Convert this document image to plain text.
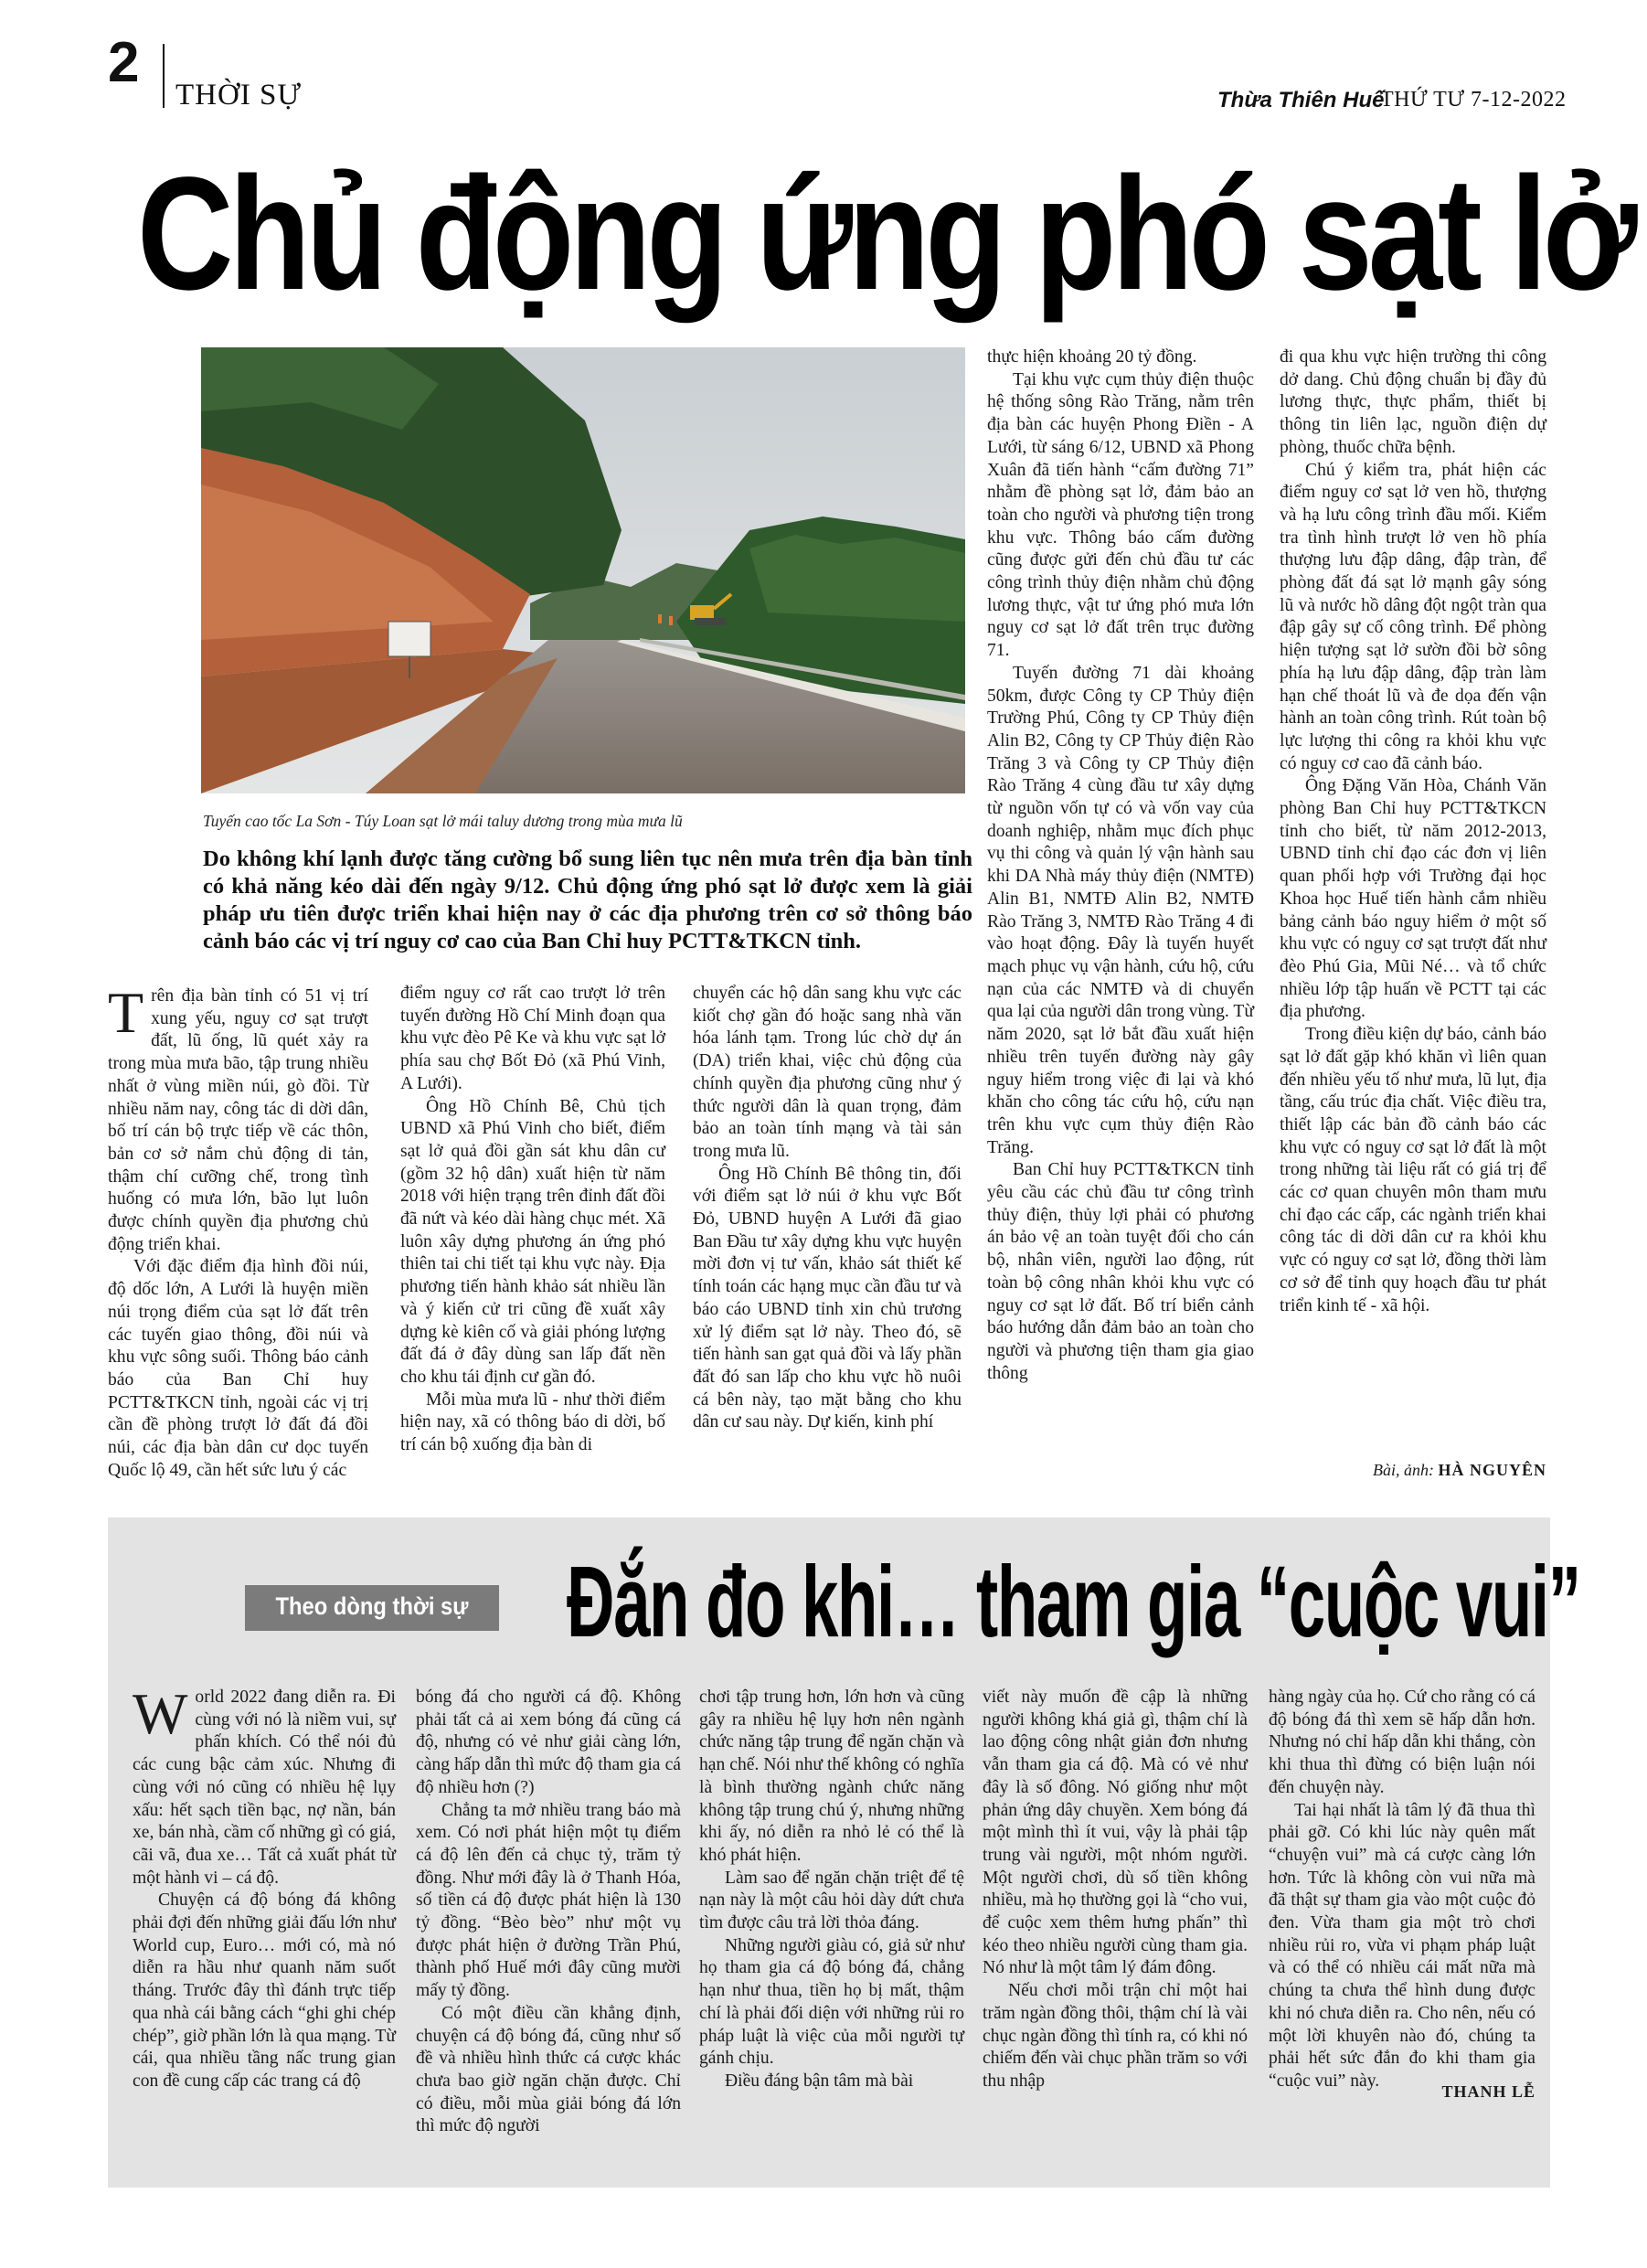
2
THỜI SỰ	Thừa Thiên Huế
THỨ TƯ 7-12-2022
Chủ động ứng phó sạt lở
Tuyến cao tốc La Sơn - Túy Loan sạt lở mái taluy dương trong mùa mưa lũ

Do không khí lạnh được tăng cường bổ sung liên tục nên mưa trên địa bàn tỉnh có khả năng kéo dài đến ngày 9/12. Chủ động ứng phó sạt lở được xem là giải pháp ưu tiên được triển khai hiện nay ở các địa phương trên cơ sở thông báo cảnh báo các vị trí nguy cơ cao của Ban Chỉ huy PCTT&TKCN tỉnh.

Trên địa bàn tỉnh có 51 vị trí xung yếu, nguy cơ sạt trượt đất, lũ ống, lũ quét xảy ra trong mùa mưa bão, tập trung nhiều nhất ở vùng miền núi, gò đồi. Từ nhiều năm nay, công tác di dời dân, bố trí cán bộ trực tiếp về các thôn, bản cơ sở nắm chủ động di tản, thậm chí cưỡng chế, trong tình huống có mưa lớn, bão lụt luôn được chính quyền địa phương chủ động triển khai.

Với đặc điểm địa hình đồi núi, độ dốc lớn, A Lưới là huyện miền núi trọng điểm của sạt lở đất trên các tuyến giao thông, đồi núi và khu vực sông suối. Thông báo cảnh báo của Ban Chỉ huy PCTT&TKCN tỉnh, ngoài các vị trị cần đề phòng trượt lở đất đá đồi núi, các địa bàn dân cư dọc tuyến Quốc lộ 49, cần hết sức lưu ý các

điểm nguy cơ rất cao trượt lở trên tuyến đường Hồ Chí Minh đoạn qua khu vực đèo Pê Ke và khu vực sạt lở phía sau chợ Bốt Đỏ (xã Phú Vinh, A Lưới).

Ông Hồ Chính Bê, Chủ tịch UBND xã Phú Vinh cho biết, điểm sạt lở quả đồi gần sát khu dân cư (gồm 32 hộ dân) xuất hiện từ năm 2018 với hiện trạng trên đỉnh đất đồi đã nứt và kéo dài hàng chục mét. Xã luôn xây dựng phương án ứng phó thiên tai chi tiết tại khu vực này. Địa phương tiến hành khảo sát nhiều lần và ý kiến cử tri cũng đề xuất xây dựng kè kiên cố và giải phóng lượng đất đá ở đây dùng san lấp đất nền cho khu tái định cư gần đó.

Mỗi mùa mưa lũ - như thời điểm hiện nay, xã có thông báo di dời, bố trí cán bộ xuống địa bàn di

chuyển các hộ dân sang khu vực các kiốt chợ gần đó hoặc sang nhà văn hóa lánh tạm. Trong lúc chờ dự án (DA) triển khai, việc chủ động của chính quyền địa phương cũng như ý thức người dân là quan trọng, đảm bảo an toàn tính mạng và tài sản trong mưa lũ.

Ông Hồ Chính Bê thông tin, đối với điểm sạt lở núi ở khu vực Bốt Đỏ, UBND huyện A Lưới đã giao Ban Đầu tư xây dựng khu vực huyện mời đơn vị tư vấn, khảo sát thiết kế tính toán các hạng mục cần đầu tư và báo cáo UBND tỉnh xin chủ trương xử lý điểm sạt lở này. Theo đó, sẽ tiến hành san gạt quả đồi và lấy phần đất đó san lấp cho khu vực hồ nuôi cá bên này, tạo mặt bằng cho khu dân cư sau này. Dự kiến, kinh phí

thực hiện khoảng 20 tỷ đồng.

Tại khu vực cụm thủy điện thuộc hệ thống sông Rào Trăng, nằm trên địa bàn các huyện Phong Điền - A Lưới, từ sáng 6/12, UBND xã Phong Xuân đã tiến hành “cấm đường 71” nhằm đề phòng sạt lở, đảm bảo an toàn cho người và phương tiện trong khu vực. Thông báo cấm đường cũng được gửi đến chủ đầu tư các công trình thủy điện nhằm chủ động lương thực, vật tư ứng phó mưa lớn nguy cơ sạt lở đất trên trục đường 71.

Tuyến đường 71 dài khoảng 50km, được Công ty CP Thủy điện Trường Phú, Công ty CP Thủy điện Alin B2, Công ty CP Thủy điện Rào Trăng 3 và Công ty CP Thủy điện Rào Trăng 4 cùng đầu tư xây dựng từ nguồn vốn tự có và vốn vay của doanh nghiệp, nhằm mục đích phục vụ thi công và quản lý vận hành sau khi DA Nhà máy thủy điện (NMTĐ) Alin B1, NMTĐ Alin B2, NMTĐ Rào Trăng 3, NMTĐ Rào Trăng 4 đi vào hoạt động. Đây là tuyến huyết mạch phục vụ vận hành, cứu hộ, cứu nạn của các NMTĐ và di chuyển qua lại của người dân trong vùng. Từ năm 2020, sạt lở bắt đầu xuất hiện nhiều trên tuyến đường này gây nguy hiểm trong việc đi lại và khó khăn cho công tác cứu hộ, cứu nạn trên khu vực cụm thủy điện Rào Trăng.

Ban Chỉ huy PCTT&TKCN tỉnh yêu cầu các chủ đầu tư công trình thủy điện, thủy lợi phải có phương án bảo vệ an toàn tuyệt đối cho cán bộ, nhân viên, người lao động, rút toàn bộ công nhân khỏi khu vực có nguy cơ sạt lở đất. Bố trí biển cảnh báo hướng dẫn đảm bảo an toàn cho người và phương tiện tham gia giao thông

đi qua khu vực hiện trường thi công dở dang. Chủ động chuẩn bị đầy đủ lương thực, thực phẩm, thiết bị thông tin liên lạc, nguồn điện dự phòng, thuốc chữa bệnh.

Chú ý kiểm tra, phát hiện các điểm nguy cơ sạt lở ven hồ, thượng và hạ lưu công trình đầu mối. Kiểm tra tình hình trượt lở ven hồ phía thượng lưu đập dâng, đập tràn, để phòng đất đá sạt lở mạnh gây sóng lũ và nước hồ dâng đột ngột tràn qua đập gây sự cố công trình. Để phòng hiện tượng sạt lở sườn đồi bờ sông phía hạ lưu đập dâng, đập tràn làm hạn chế thoát lũ và đe dọa đến vận hành an toàn công trình. Rút toàn bộ lực lượng thi công ra khỏi khu vực có nguy cơ cao đã cảnh báo.

Ông Đặng Văn Hòa, Chánh Văn phòng Ban Chỉ huy PCTT&TKCN tỉnh cho biết, từ năm 2012-2013, UBND tỉnh chỉ đạo các đơn vị liên quan phối hợp với Trường đại học Khoa học Huế tiến hành cắm nhiều bảng cảnh báo nguy hiểm ở một số khu vực có nguy cơ sạt trượt đất như đèo Phú Gia, Mũi Né… và tổ chức nhiều lớp tập huấn về PCTT tại các địa phương.

Trong điều kiện dự báo, cảnh báo sạt lở đất gặp khó khăn vì liên quan đến nhiều yếu tố như mưa, lũ lụt, địa tầng, cấu trúc địa chất. Việc điều tra, thiết lập các bản đồ cảnh báo các khu vực có nguy cơ sạt lở đất là một trong những tài liệu rất có giá trị để các cơ quan chuyên môn tham mưu chỉ đạo các cấp, các ngành triển khai công tác di dời dân cư ra khỏi khu vực có nguy cơ sạt lở, đồng thời làm cơ sở để tỉnh quy hoạch đầu tư phát triển kinh tế - xã hội.

Bài, ảnh: HÀ NGUYÊN
Theo dòng thời sự Đắn đo khi… tham gia “cuộc vui”

World 2022 đang diễn ra. Đi cùng với nó là niềm vui, sự phấn khích. Có thể nói đủ các cung bậc cảm xúc. Nhưng đi cùng với nó cũng có nhiều hệ lụy xấu: hết sạch tiền bạc, nợ nần, bán xe, bán nhà, cầm cố những gì có giá, cãi vã, đua xe… Tất cả xuất phát từ một hành vi – cá độ.

Chuyện cá độ bóng đá không phải đợi đến những giải đấu lớn như World cup, Euro… mới có, mà nó diễn ra hầu như quanh năm suốt tháng. Trước đây thì đánh trực tiếp qua nhà cái bằng cách “ghi ghi chép chép”, giờ phần lớn là qua mạng. Từ cái, qua nhiều tầng nấc trung gian con đề cung cấp các trang cá độ

bóng đá cho người cá độ. Không phải tất cả ai xem bóng đá cũng cá độ, nhưng có vẻ như giải càng lớn, càng hấp dẫn thì mức độ tham gia cá độ nhiều hơn (?)

Chẳng ta mở nhiều trang báo mà xem. Có nơi phát hiện một tụ điểm cá độ lên đến cả chục tỷ, trăm tỷ đồng. Như mới đây là ở Thanh Hóa, số tiền cá độ được phát hiện là 130 tỷ đồng. “Bèo bèo” như một vụ được phát hiện ở đường Trần Phú, thành phố Huế mới đây cũng mười mấy tỷ đồng.

Có một điều cần khẳng định, chuyện cá độ bóng đá, cũng như số đề và nhiều hình thức cá cược khác chưa bao giờ ngăn chặn được. Chỉ có điều, mỗi mùa giải bóng đá lớn thì mức độ người

chơi tập trung hơn, lớn hơn và cũng gây ra nhiều hệ lụy hơn nên ngành chức năng tập trung để ngăn chặn và hạn chế. Nói như thế không có nghĩa là bình thường ngành chức năng không tập trung chú ý, nhưng những khi ấy, nó diễn ra nhỏ lẻ có thể là khó phát hiện.

Làm sao để ngăn chặn triệt để tệ nạn này là một câu hỏi dày dứt chưa tìm được câu trả lời thỏa đáng.

Những người giàu có, giả sử như họ tham gia cá độ bóng đá, chẳng hạn như thua, tiền họ bị mất, thậm chí là phải đối diện với những rủi ro pháp luật là việc của mỗi người tự gánh chịu.

Điều đáng bận tâm mà bài

viết này muốn đề cập là những người không khá giả gì, thậm chí là lao động công nhật giản đơn nhưng vẫn tham gia cá độ. Mà có vẻ như đây là số đông. Nó giống như một phản ứng dây chuyền. Xem bóng đá một mình thì ít vui, vậy là phải tập trung vài người, một nhóm người. Một người chơi, dù số tiền không nhiều, mà họ thường gọi là “cho vui, để cuộc xem thêm hưng phấn” thì kéo theo nhiều người cùng tham gia. Nó như là một tâm lý đám đông.

Nếu chơi mỗi trận chỉ một hai trăm ngàn đồng thôi, thậm chí là vài chục ngàn đồng thì tính ra, có khi nó chiếm đến vài chục phần trăm so với thu nhập

hàng ngày của họ. Cứ cho rằng có cá độ bóng đá thì xem sẽ hấp dẫn hơn. Nhưng nó chỉ hấp dẫn khi thắng, còn khi thua thì đừng có biện luận nói đến chuyện này.

Tai hại nhất là tâm lý đã thua thì phải gỡ. Có khi lúc này quên mất “chuyện vui” mà cá cược càng lớn hơn. Tức là không còn vui nữa mà đã thật sự tham gia vào một cuộc đỏ đen. Vừa tham gia một trò chơi nhiều rủi ro, vừa vi phạm pháp luật và có thể có nhiều cái mất nữa mà chúng ta chưa thể hình dung được khi nó chưa diễn ra. Cho nên, nếu có một lời khuyên nào đó, chúng ta phải hết sức đắn đo khi tham gia “cuộc vui” này.

THANH LỄ
